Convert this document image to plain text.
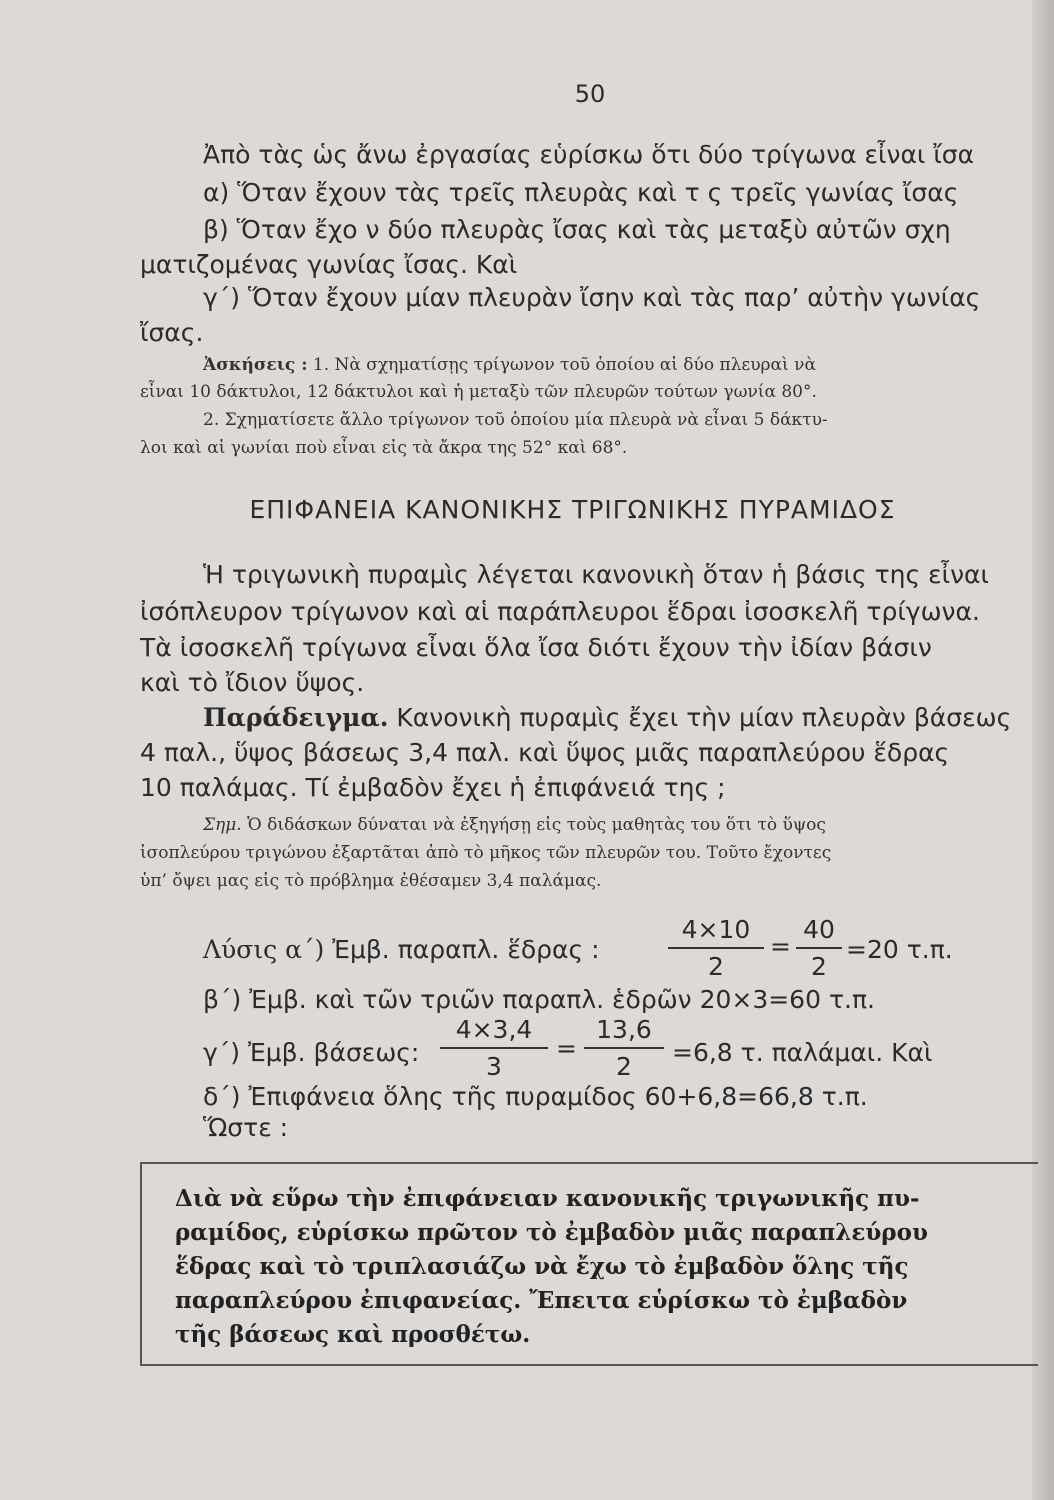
50
Ἀπὸ τὰς ὡς ἄνω ἐργασίας εὑρίσκω ὅτι δύο τρίγωνα εἶναι ἴσα
α) Ὅταν ἔχουν τὰς τρεῖς πλευρὰς καὶ τ ς τρεῖς γωνίας ἴσας
β) Ὅταν ἔχο ν δύο πλευρὰς ἴσας καὶ τὰς μεταξὺ αὐτῶν σχη
ματιζομένας γωνίας ἴσας. Καὶ
γ΄) Ὅταν ἔχουν μίαν πλευρὰν ἴσην καὶ τὰς παρ’ αὐτὴν γωνίας
ἴσας.
Ἀσκήσεις : 1. Νὰ σχηματίσῃς τρίγωνον τοῦ ὁποίου αἱ δύο πλευραὶ νὰ
εἶναι 10 δάκτυλοι, 12 δάκτυλοι καὶ ἡ μεταξὺ τῶν πλευρῶν τούτων γωνία 80°.
2. Σχηματίσετε ἄλλο τρίγωνον τοῦ ὁποίου μία πλευρὰ νὰ εἶναι 5 δάκτυ-
λοι καὶ αἱ γωνίαι ποὺ εἶναι εἰς τὰ ἄκρα της 52° καὶ 68°.
ΕΠΙΦΑΝΕΙΑ ΚΑΝΟΝΙΚΗΣ ΤΡΙΓΩΝΙΚΗΣ ΠΥΡΑΜΙΔΟΣ
Ἡ τριγωνικὴ πυραμὶς λέγεται κανονικὴ ὅταν ἡ βάσις της εἶναι
ἰσόπλευρον τρίγωνον καὶ αἱ παράπλευροι ἕδραι ἰσοσκελῆ τρίγωνα.
Τὰ ἰσοσκελῆ τρίγωνα εἶναι ὅλα ἴσα διότι ἔχουν τὴν ἰδίαν βάσιν
καὶ τὸ ἴδιον ὕψος.
Παράδειγμα. Κανονικὴ πυραμὶς ἔχει τὴν μίαν πλευρὰν βάσεως
4 παλ., ὕψος βάσεως 3,4 παλ. καὶ ὕψος μιᾶς παραπλεύρου ἕδρας
10 παλάμας. Τί ἐμβαδὸν ἔχει ἡ ἐπιφάνειά της ;
Σημ. Ὁ διδάσκων δύναται νὰ ἐξηγήσῃ εἰς τοὺς μαθητὰς του ὅτι τὸ ὕψος
ἰσοπλεύρου τριγώνου ἐξαρτᾶται ἀπὸ τὸ μῆκος τῶν πλευρῶν του. Τοῦτο ἔχοντες
ὑπ’ ὄψει μας εἰς τὸ πρόβλημα ἐθέσαμεν 3,4 παλάμας.
Λύσις α΄) Ἐμβ. παραπλ. ἕδρας :
4×10
2
=
40
2
=20 τ.π.
β΄) Ἐμβ. καὶ τῶν τριῶν παραπλ. ἑδρῶν 20×3=60 τ.π.
γ΄) Ἐμβ. βάσεως:
4×3,4
3
=
13,6
2	=6,8 τ. παλάμαι. Καὶ
δ΄) Ἐπιφάνεια ὅλης τῆς πυραμίδος 60+6,8=66,8 τ.π.
Ὥστε :
Διὰ νὰ εὕρω τὴν ἐπιφάνειαν κανονικῆς τριγωνικῆς πυ-
ραμίδος, εὑρίσκω πρῶτον τὸ ἐμβαδὸν μιᾶς παραπλεύρου
ἕδρας καὶ τὸ τριπλασιάζω νὰ ἔχω τὸ ἐμβαδὸν ὅλης τῆς
παραπλεύρου ἐπιφανείας. Ἔπειτα εὑρίσκω τὸ ἐμβαδὸν
τῆς βάσεως καὶ προσθέτω.
